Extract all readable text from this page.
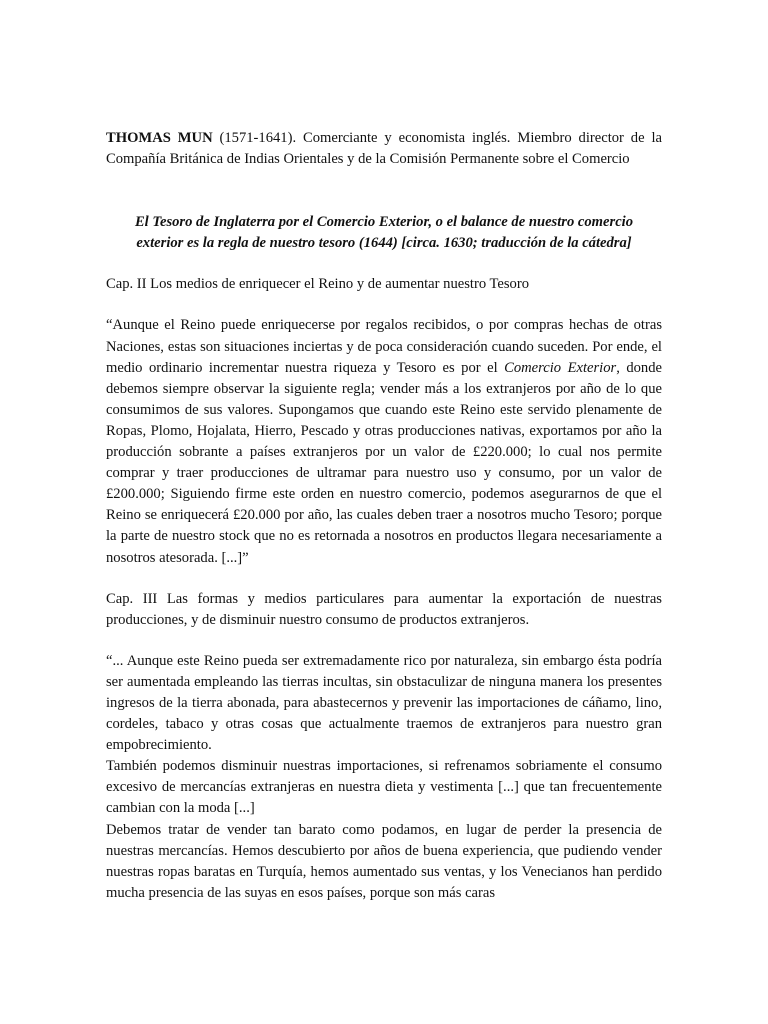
THOMAS MUN (1571-1641). Comerciante y economista inglés. Miembro director de la Compañía Británica de Indias Orientales y de la Comisión Permanente sobre el Comercio

El Tesoro de Inglaterra por el Comercio Exterior, o el balance de nuestro comercio exterior es la regla de nuestro tesoro (1644) [circa. 1630; traducción de la cátedra]

Cap. II Los medios de enriquecer el Reino y de aumentar nuestro Tesoro

“Aunque el Reino puede enriquecerse por regalos recibidos, o por compras hechas de otras Naciones, estas son situaciones inciertas y de poca consideración cuando suceden. Por ende, el medio ordinario incrementar nuestra riqueza y Tesoro es por el Comercio Exterior, donde debemos siempre observar la siguiente regla; vender más a los extranjeros por año de lo que consumimos de sus valores. Supongamos que cuando este Reino este servido plenamente de Ropas, Plomo, Hojalata, Hierro, Pescado y otras producciones nativas, exportamos por año la producción sobrante a países extranjeros por un valor de £220.000; lo cual nos permite comprar y traer producciones de ultramar para nuestro uso y consumo, por un valor de £200.000; Siguiendo firme este orden en nuestro comercio, podemos asegurarnos de que el Reino se enriquecerá £20.000 por año, las cuales deben traer a nosotros mucho Tesoro; porque la parte de nuestro stock que no es retornada a nosotros en productos llegara necesariamente a nosotros atesorada. [...]”

Cap. III Las formas y medios particulares para aumentar la exportación de nuestras producciones, y de disminuir nuestro consumo de productos extranjeros.

“... Aunque este Reino pueda ser extremadamente rico por naturaleza, sin embargo ésta podría ser aumentada empleando las tierras incultas, sin obstaculizar de ninguna manera los presentes ingresos de la tierra abonada, para abastecernos y prevenir las importaciones de cáñamo, lino, cordeles, tabaco y otras cosas que actualmente traemos de extranjeros para nuestro gran empobrecimiento.

También podemos disminuir nuestras importaciones, si refrenamos sobriamente el consumo excesivo de mercancías extranjeras en nuestra dieta y vestimenta [...] que tan frecuentemente cambian con la moda [...]

Debemos tratar de vender tan barato como podamos, en lugar de perder la presencia de nuestras mercancías. Hemos descubierto por años de buena experiencia, que pudiendo vender nuestras ropas baratas en Turquía, hemos aumentado sus ventas, y los Venecianos han perdido mucha presencia de las suyas en esos países, porque son más caras
